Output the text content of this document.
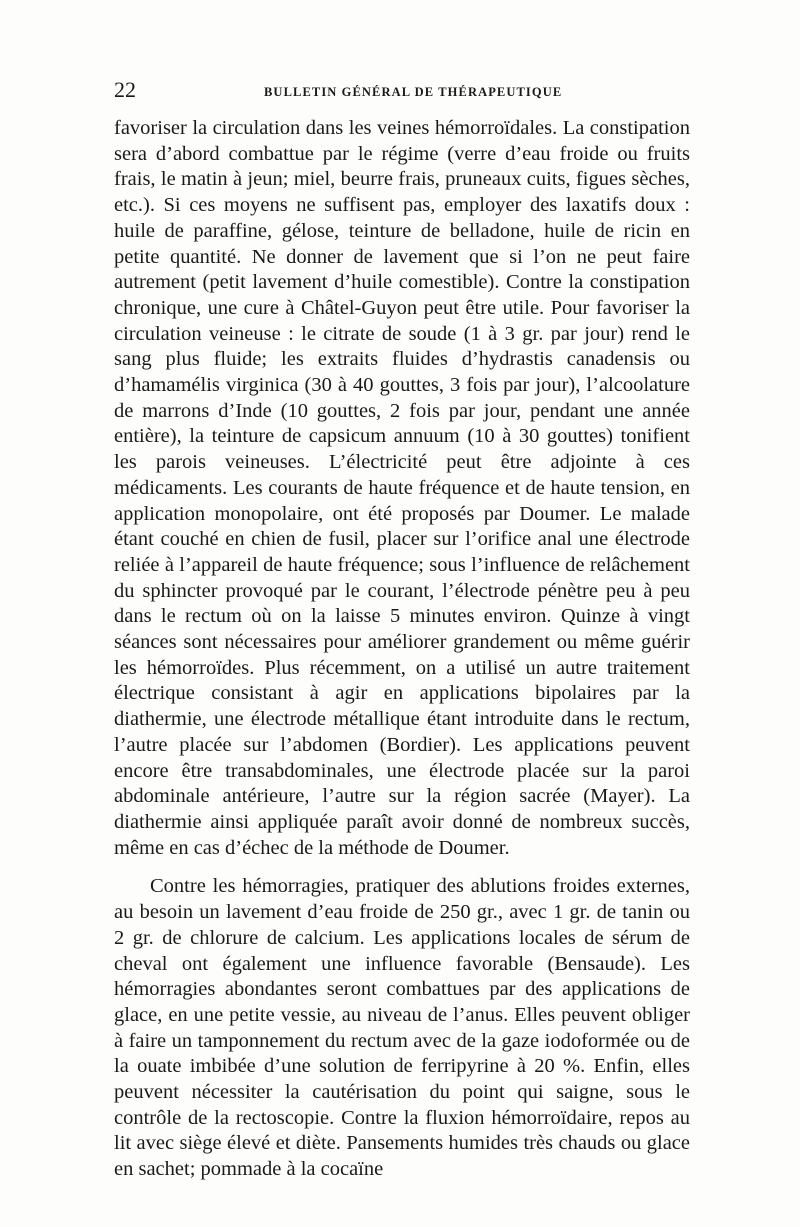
22	BULLETIN GÉNÉRAL DE THÉRAPEUTIQUE

favoriser la circulation dans les veines hémorroïdales. La constipation sera d’abord combattue par le régime (verre d’eau froide ou fruits frais, le matin à jeun; miel, beurre frais, pruneaux cuits, figues sèches, etc.). Si ces moyens ne suffisent pas, employer des laxatifs doux : huile de paraffine, gélose, teinture de belladone, huile de ricin en petite quantité. Ne donner de lavement que si l’on ne peut faire autrement (petit lavement d’huile comestible). Contre la constipation chronique, une cure à Châtel-Guyon peut être utile. Pour favoriser la circulation veineuse : le citrate de soude (1 à 3 gr. par jour) rend le sang plus fluide; les extraits fluides d’hydrastis canadensis ou d’hamamélis virginica (30 à 40 gouttes, 3 fois par jour), l’alcoolature de marrons d’Inde (10 gouttes, 2 fois par jour, pendant une année entière), la teinture de capsicum annuum (10 à 30 gouttes) tonifient les parois veineuses. L’électricité peut être adjointe à ces médicaments. Les courants de haute fréquence et de haute tension, en application monopolaire, ont été proposés par Doumer. Le malade étant couché en chien de fusil, placer sur l’orifice anal une électrode reliée à l’appareil de haute fréquence; sous l’influence de relâchement du sphincter provoqué par le courant, l’électrode pénètre peu à peu dans le rectum où on la laisse 5 minutes environ. Quinze à vingt séances sont nécessaires pour améliorer grandement ou même guérir les hémorroïdes. Plus récemment, on a utilisé un autre traitement électrique consistant à agir en applications bipolaires par la diathermie, une électrode métallique étant introduite dans le rectum, l’autre placée sur l’abdomen (Bordier). Les applications peuvent encore être transabdominales, une électrode placée sur la paroi abdominale antérieure, l’autre sur la région sacrée (Mayer). La diathermie ainsi appliquée paraît avoir donné de nombreux succès, même en cas d’échec de la méthode de Doumer.

Contre les hémorragies, pratiquer des ablutions froides externes, au besoin un lavement d’eau froide de 250 gr., avec 1 gr. de tanin ou 2 gr. de chlorure de calcium. Les applications locales de sérum de cheval ont également une influence favorable (Bensaude). Les hémorragies abondantes seront combattues par des applications de glace, en une petite vessie, au niveau de l’anus. Elles peuvent obliger à faire un tamponnement du rectum avec de la gaze iodoformée ou de la ouate imbibée d’une solution de ferripyrine à 20 %. Enfin, elles peuvent nécessiter la cautérisation du point qui saigne, sous le contrôle de la rectoscopie. Contre la fluxion hémorroïdaire, repos au lit avec siège élevé et diète. Pansements humides très chauds ou glace en sachet; pommade à la cocaïne
